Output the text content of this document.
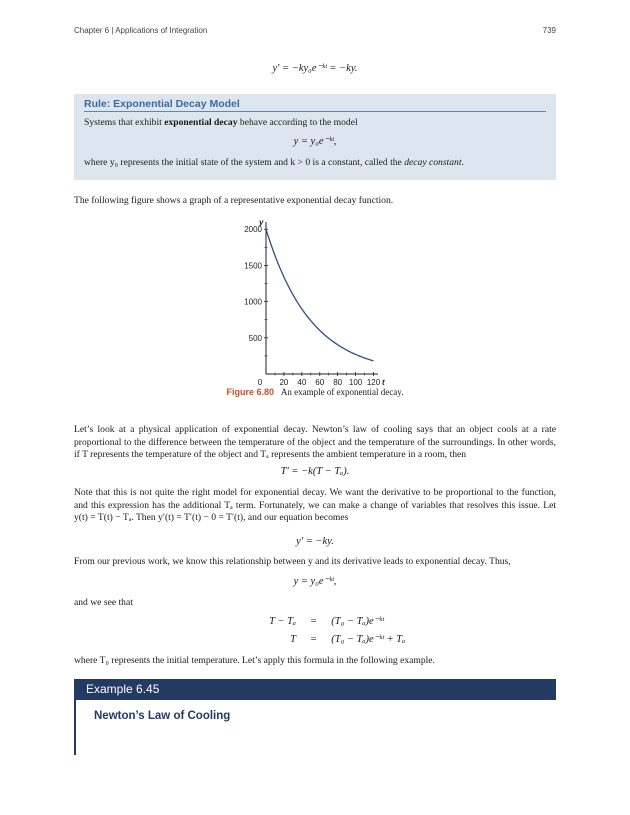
Chapter 6 | Applications of Integration	739
y′ = −ky₀e⁻ᵏᵗ = −ky.
Rule: Exponential Decay Model
Systems that exhibit exponential decay behave according to the model
y = y₀e⁻ᵏᵗ,
where y₀ represents the initial state of the system and k > 0 is a constant, called the decay constant.
The following figure shows a graph of a representative exponential decay function.
20 40 60 80 100 120
500
1000
1500
2000
0	t
y
Figure 6.80 An example of exponential decay.
Let’s look at a physical application of exponential decay. Newton’s law of cooling says that an object cools at a rate proportional to the difference between the temperature of the object and the temperature of the surroundings. In other words, if T represents the temperature of the object and Tₐ represents the ambient temperature in a room, then
T′ = −k(T − Tₐ).
Note that this is not quite the right model for exponential decay. We want the derivative to be proportional to the function, and this expression has the additional Tₐ term. Fortunately, we can make a change of variables that resolves this issue. Let y(t) = T(t) − Tₐ. Then y′(t) = T′(t) − 0 = T′(t), and our equation becomes
y′ = −ky.
From our previous work, we know this relationship between y and its derivative leads to exponential decay. Thus,
y = y₀e⁻ᵏᵗ,
and we see that
T − Tₐ = (T₀ − Tₐ)e⁻ᵏᵗ
T = (T₀ − Tₐ)e⁻ᵏᵗ + Tₐ
where T₀ represents the initial temperature. Let’s apply this formula in the following example.
Example 6.45
Newton’s Law of Cooling
